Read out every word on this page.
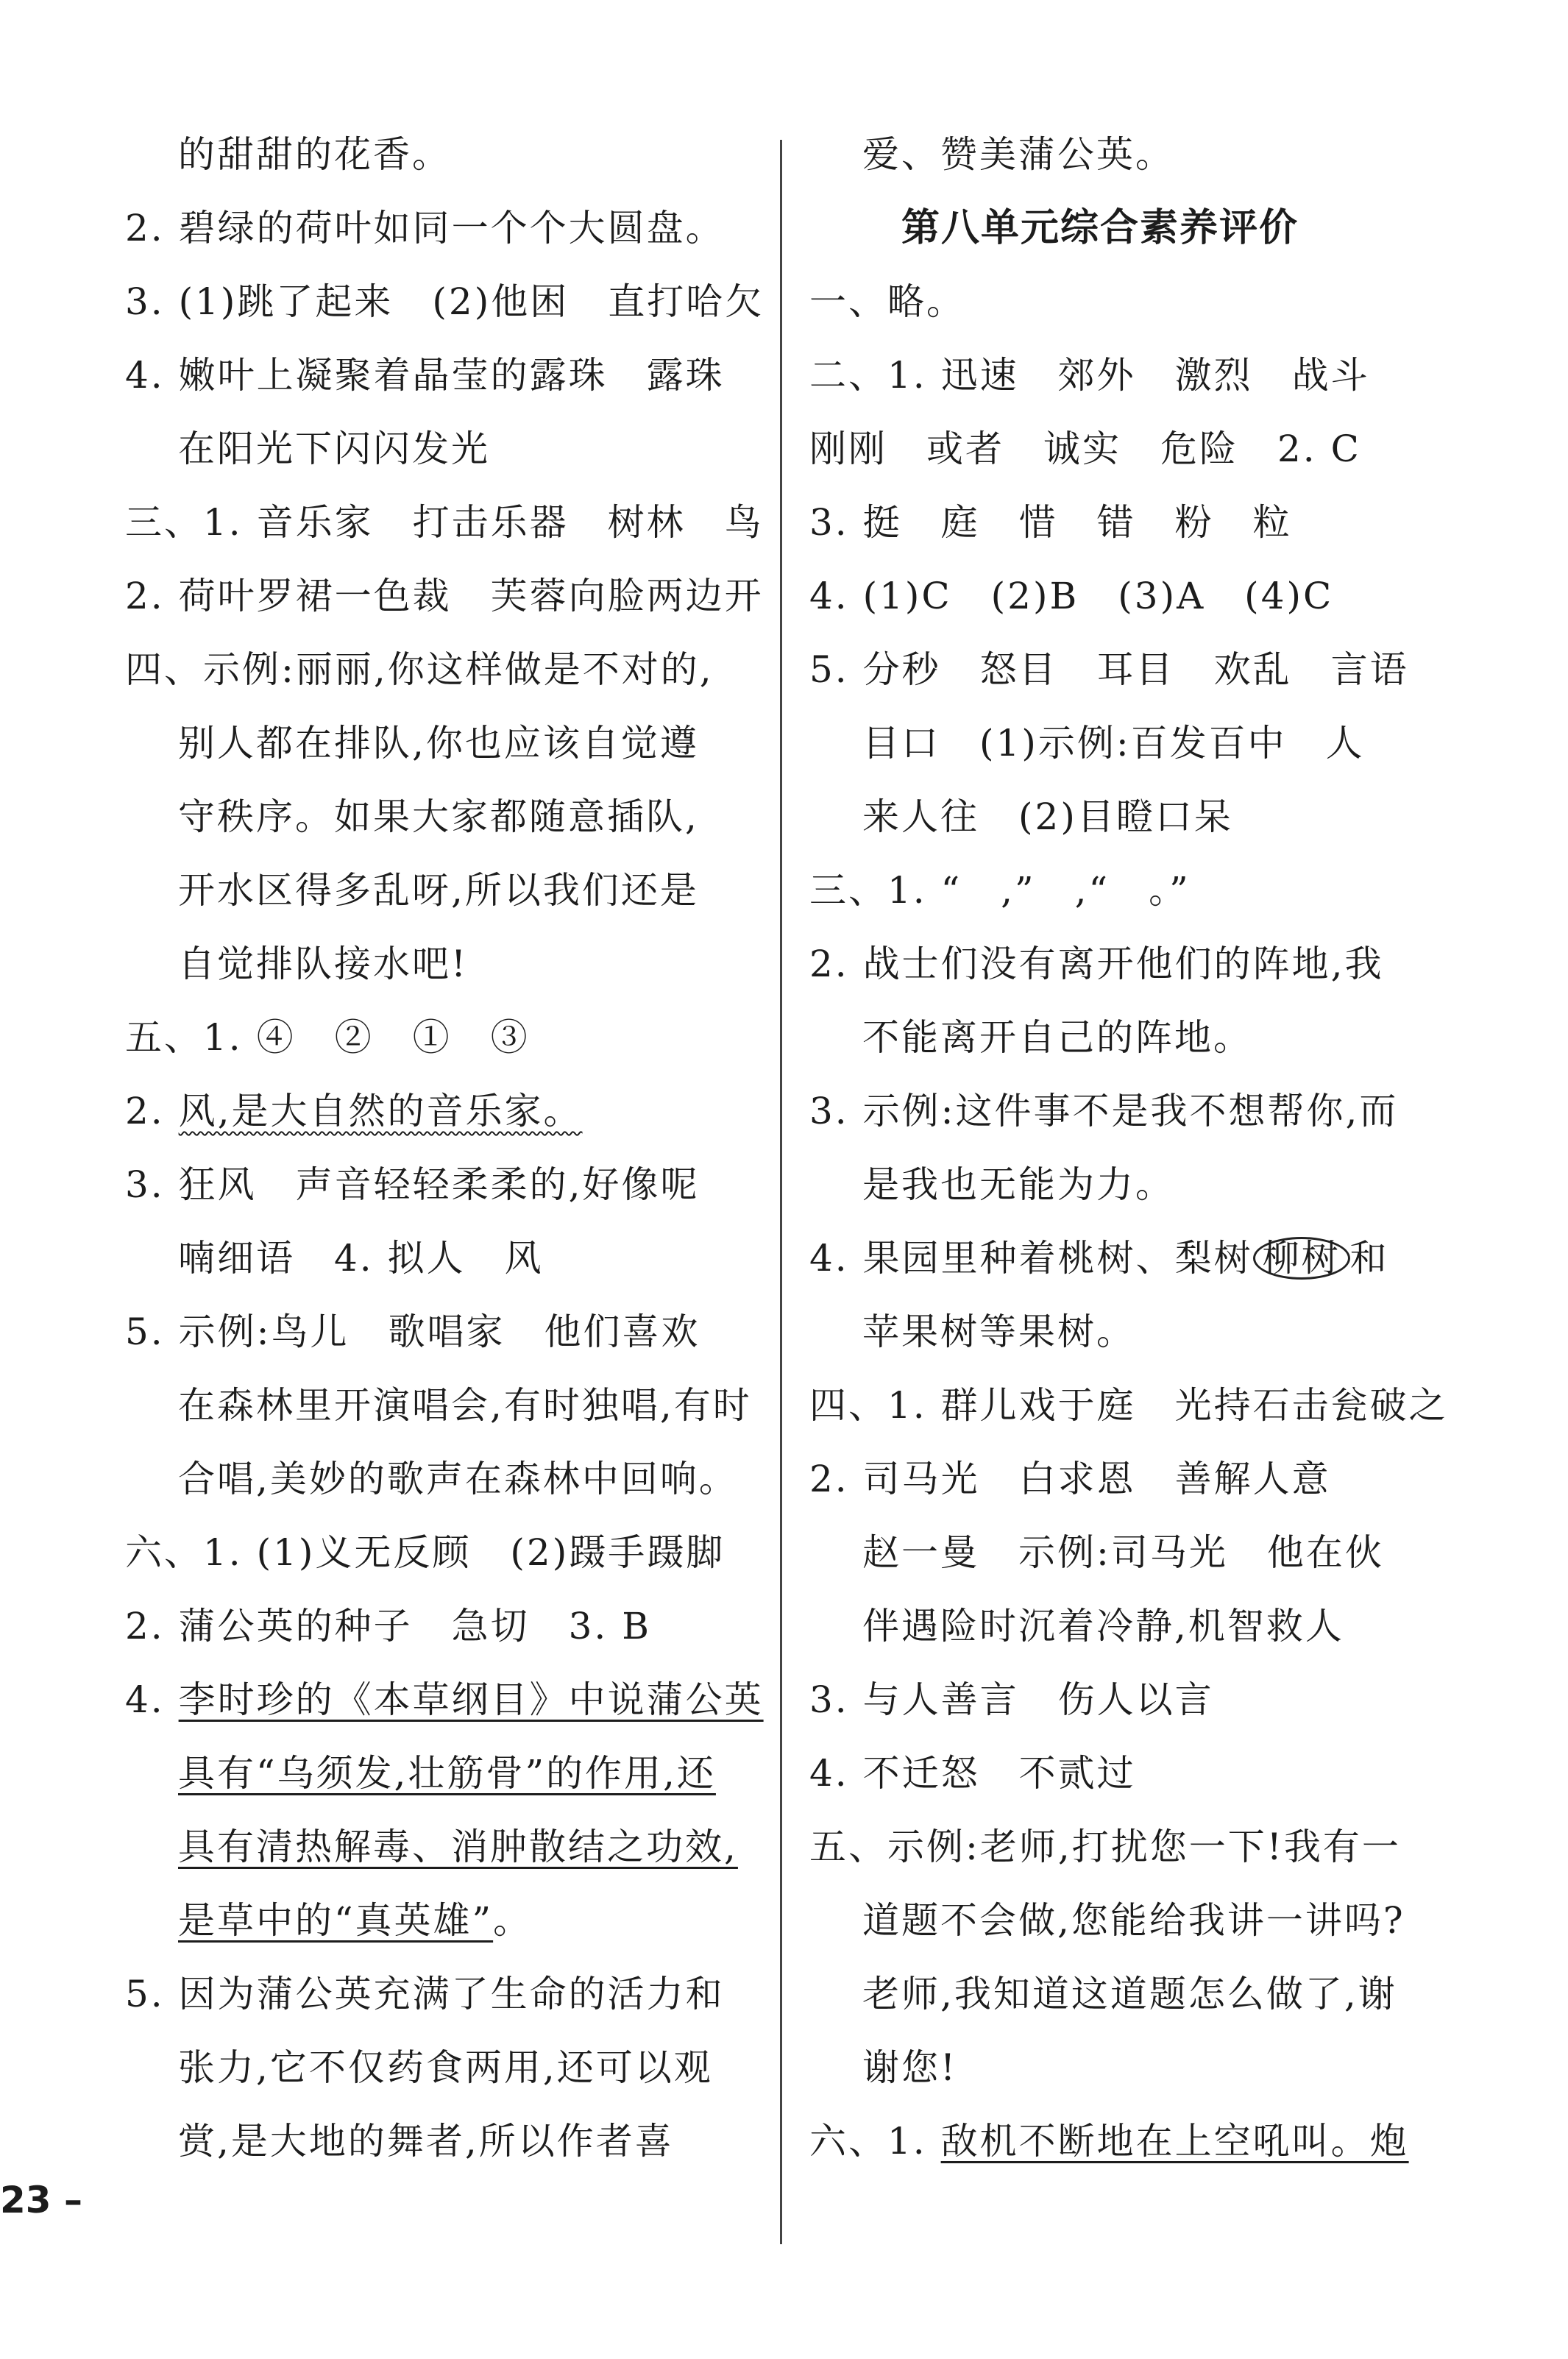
的甜甜的花香。
2. 碧绿的荷叶如同一个个大圆盘。
3. (1)跳了起来　(2)他困　直打哈欠
4. 嫩叶上凝聚着晶莹的露珠　露珠
在阳光下闪闪发光
三、1. 音乐家　打击乐器　树林　鸟
2. 荷叶罗裙一色裁　芙蓉向脸两边开
四、示例:丽丽,你这样做是不对的,
别人都在排队,你也应该自觉遵
守秩序。如果大家都随意插队,
开水区得多乱呀,所以我们还是
自觉排队接水吧!
五、1. ④　②　①　③
2. 风,是大自然的音乐家。
3. 狂风　声音轻轻柔柔的,好像呢
喃细语　4. 拟人　风
5. 示例:鸟儿　歌唱家　他们喜欢
在森林里开演唱会,有时独唱,有时
合唱,美妙的歌声在森林中回响。
六、1. (1)义无反顾　(2)蹑手蹑脚
2. 蒲公英的种子　急切　3. B
4. 李时珍的《本草纲目》中说蒲公英
具有“乌须发,壮筋骨”的作用,还
具有清热解毒、消肿散结之功效,
是草中的“真英雄”。
5. 因为蒲公英充满了生命的活力和
张力,它不仅药食两用,还可以观
赏,是大地的舞者,所以作者喜
爱、赞美蒲公英。
第八单元综合素养评价
一、略。
二、1. 迅速　郊外　激烈　战斗
刚刚　或者　诚实　危险　2. C
3. 挺　庭　惜　错　粉　粒
4. (1)C　(2)B　(3)A　(4)C
5. 分秒　怒目　耳目　欢乱　言语
目口　(1)示例:百发百中　人
来人往　(2)目瞪口呆
三、1. “　,”　,“　。”
2. 战士们没有离开他们的阵地,我
不能离开自己的阵地。
3. 示例:这件事不是我不想帮你,而
是我也无能为力。
4. 果园里种着桃树、梨树 柳树 和
苹果树等果树。
四、1. 群儿戏于庭　光持石击瓮破之
2. 司马光　白求恩　善解人意
赵一曼　示例:司马光　他在伙
伴遇险时沉着冷静,机智救人
3. 与人善言　伤人以言
4. 不迁怒　不贰过
五、示例:老师,打扰您一下!我有一
道题不会做,您能给我讲一讲吗?
老师,我知道这道题怎么做了,谢
谢您!
六、1. 敌机不断地在上空吼叫。炮
23 –
